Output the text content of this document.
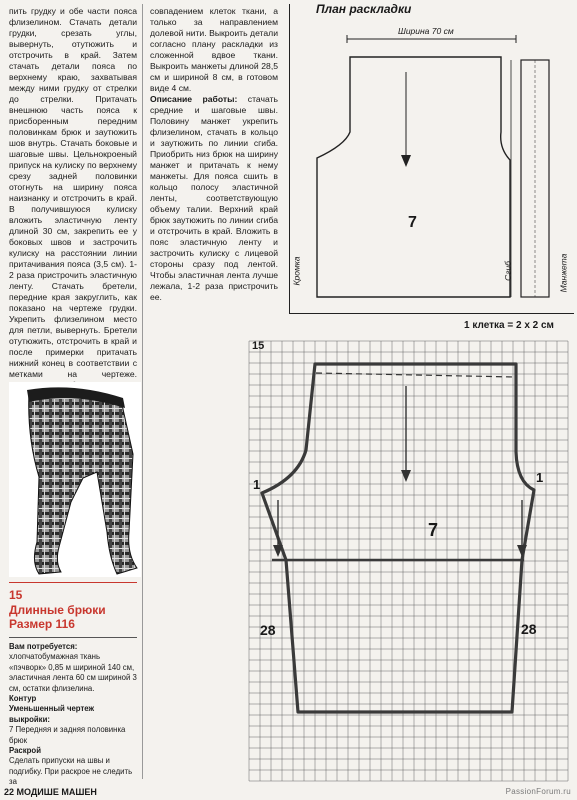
пить грудку и обе части пояса флизелином. Стачать детали грудки, срезать углы, вывернуть, отутюжить и отстрочить в край. Затем стачать детали пояса по верхнему краю, захватывая между ними грудку от стрелки до стрелки. Притачать внешнюю часть пояса к присборенным передним половинкам брюк и заутюжить шов внутрь. Стачать боковые и шаговые швы. Цельнокроеный припуск на кулиску по верхнему срезу задней половинки отогнуть на ширину пояса наизнанку и отстрочить в край. В получившуюся кулиску вложить эластичную ленту длиной 30 см, закрепить ее у боковых швов и застрочить кулиску на расстоянии линии притачивания пояса (3,5 см). 1-2 раза пристрочить эластичную ленту. Стачать бретели, передние края закруглить, как показано на чертеже грудки. Укрепить флизелином место для петли, вывернуть. Бретели отутюжить, отстрочить в край и после примерки притачать нижний конец в соответствии с метками на чертеже.
совпадением клеток ткани, а только за направлением долевой нити. Выкроить детали согласно плану раскладки из сложенной вдвое ткани. Выкроить манжеты длиной 28,5 см и шириной 8 см, в готовом виде 4 см.
Описание работы: стачать средние и шаговые швы. Половину манжет укрепить флизелином, стачать в кольцо и заутюжить по линии сгиба. Приобрить низ брюк на ширину манжет и притачать к нему манжеты. Для пояса сшить в кольцо полосу эластичной ленты, соответствующую объему талии. Верхний край брюк заутюжить по линии сгиба и отстрочить в край. Вложить в пояс эластичную ленту и застрочить кулиску с лицевой стороны сразу под лентой. Чтобы эластичная лента лучше лежала, 1-2 раза пристрочить ее.
План раскладки
Ширина 70 см
7
Кромка	Сгиб	Манжета
15
Длинные брюки
Размер 116
Вам потребуется: хлопчатобумажная ткань «пэчворк» 0,85 м шириной 140 см, эластичная лента 60 см шириной 3 см, остатки флизелина.
Контур
Уменьшенный чертеж выкройки:
7 Передняя и задняя половинка брюк
Раскрой
Сделать припуски на швы и подгибку. При раскрое не следить за
1 клетка = 2 x 2 см
15
7
1	1
28	28
22 МОДИШЕ МАШЕН	PassionForum.ru
